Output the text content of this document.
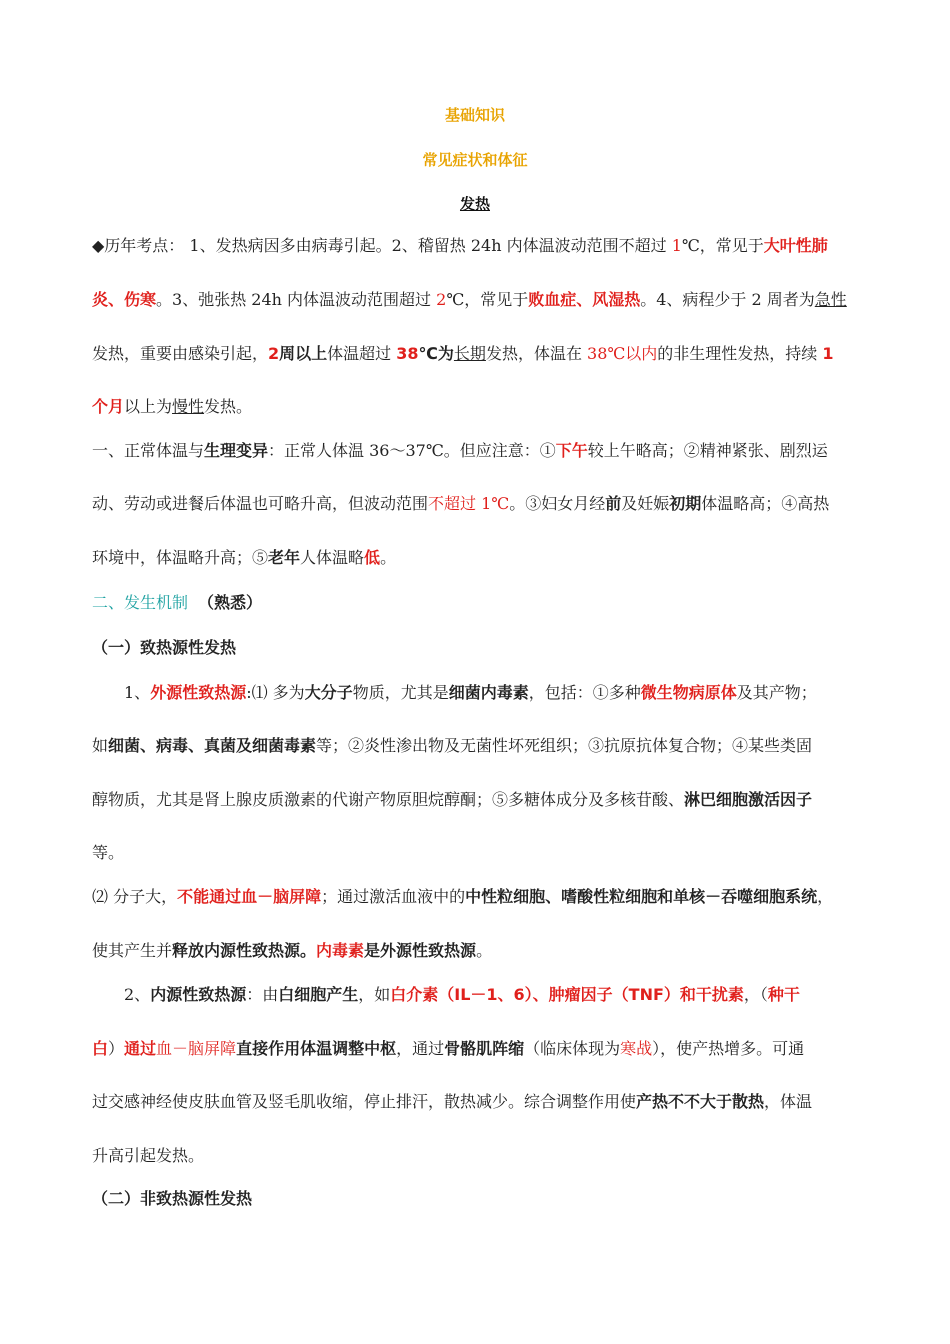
基础知识
常见症状和体征
发热
◆历年考点： 1、发热病因多由病毒引起。2、稽留热 24h 内体温波动范围不超过 1℃，常见于大叶性肺
炎、伤寒。3、弛张热 24h 内体温波动范围超过 2℃，常见于败血症、风湿热。4、病程少于 2 周者为急性
发热，重要由感染引起，2周以上体温超过 38℃为长期发热，体温在 38℃以内的非生理性发热，持续 1
个月以上为慢性发热。
一、正常体温与生理变异：正常人体温 36～37℃。但应注意：①下午较上午略高；②精神紧张、剧烈运
动、劳动或进餐后体温也可略升高，但波动范围不超过 1℃。③妇女月经前及妊娠初期体温略高；④高热
环境中，体温略升高；⑤老年人体温略低。
二、发生机制 （熟悉）
（一）致热源性发热
1、外源性致热源:⑴ 多为大分子物质，尤其是细菌内毒素，包括：①多种微生物病原体及其产物；
如细菌、病毒、真菌及细菌毒素等；②炎性渗出物及无菌性坏死组织；③抗原抗体复合物；④某些类固
醇物质，尤其是肾上腺皮质激素的代谢产物原胆烷醇酮；⑤多糖体成分及多核苷酸、淋巴细胞激活因子
等。
⑵ 分子大，不能通过血－脑屏障；通过激活血液中的中性粒细胞、嗜酸性粒细胞和单核－吞噬细胞系统，
使其产生并释放内源性致热源。内毒素是外源性致热源。
2、内源性致热源：由白细胞产生，如白介素（IL－1、6）、肿瘤因子（TNF）和干扰素，（种干
白）通过血－脑屏障直接作用体温调整中枢，通过骨骼肌阵缩（临床体现为寒战），使产热增多。可通
过交感神经使皮肤血管及竖毛肌收缩，停止排汗，散热减少。综合调整作用使产热不不大于散热，体温
升高引起发热。
（二）非致热源性发热
